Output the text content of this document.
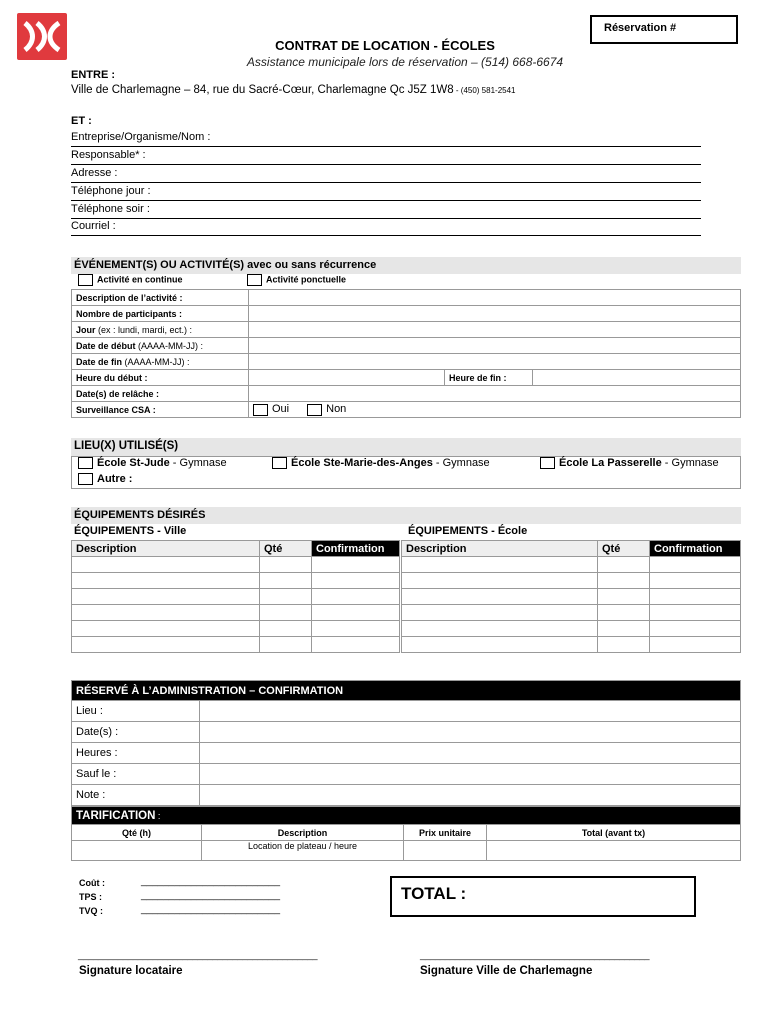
Réservation #
CONTRAT DE LOCATION - ÉCOLES
Assistance municipale lors de réservation – (514) 668-6674
ENTRE :
Ville de Charlemagne – 84, rue du Sacré-Cœur, Charlemagne Qc J5Z 1W8 - (450) 581-2541
ET :
Entreprise/Organisme/Nom :
Responsable* :
Adresse :
Téléphone jour :
Téléphone soir :
Courriel :
ÉVÉNEMENT(S) OU ACTIVITÉ(S) avec ou sans récurrence
Activité en continue	Activité ponctuelle
Description de l’activité :			
Nombre de participants :			
Jour (ex : lundi, mardi, ect.) :			
Date de début (AAAA-MM-JJ) :			
Date de fin (AAAA-MM-JJ) :			
Heure du début :		Heure de fin :	
Date(s) de relâche :			
Surveillance CSA :	Oui Non		
LIEU(X) UTILISÉ(S)
École St-Jude - Gymnase	École Ste-Marie-des-Anges - Gymnase	École La Passerelle - Gymnase
Autre :
ÉQUIPEMENTS DÉSIRÉS
ÉQUIPEMENTS - Ville	ÉQUIPEMENTS - École
Description	Qté	Confirmation

		Description	Qté	Confirmation

RÉSERVÉ À L’ADMINISTRATION – CONFIRMATION	
Lieu :	
Date(s) :	
Heures :	
Sauf le :	
Note :	
TARIFICATION :			
Qté (h)	Description	Prix unitaire	Total (avant tx)
	Location de plateau / heure		
Coût :	_________________________
TPS :	_________________________
TVQ :	_________________________
TOTAL :
________________________________________________	______________________________________________
Signature locataire	Signature Ville de Charlemagne
